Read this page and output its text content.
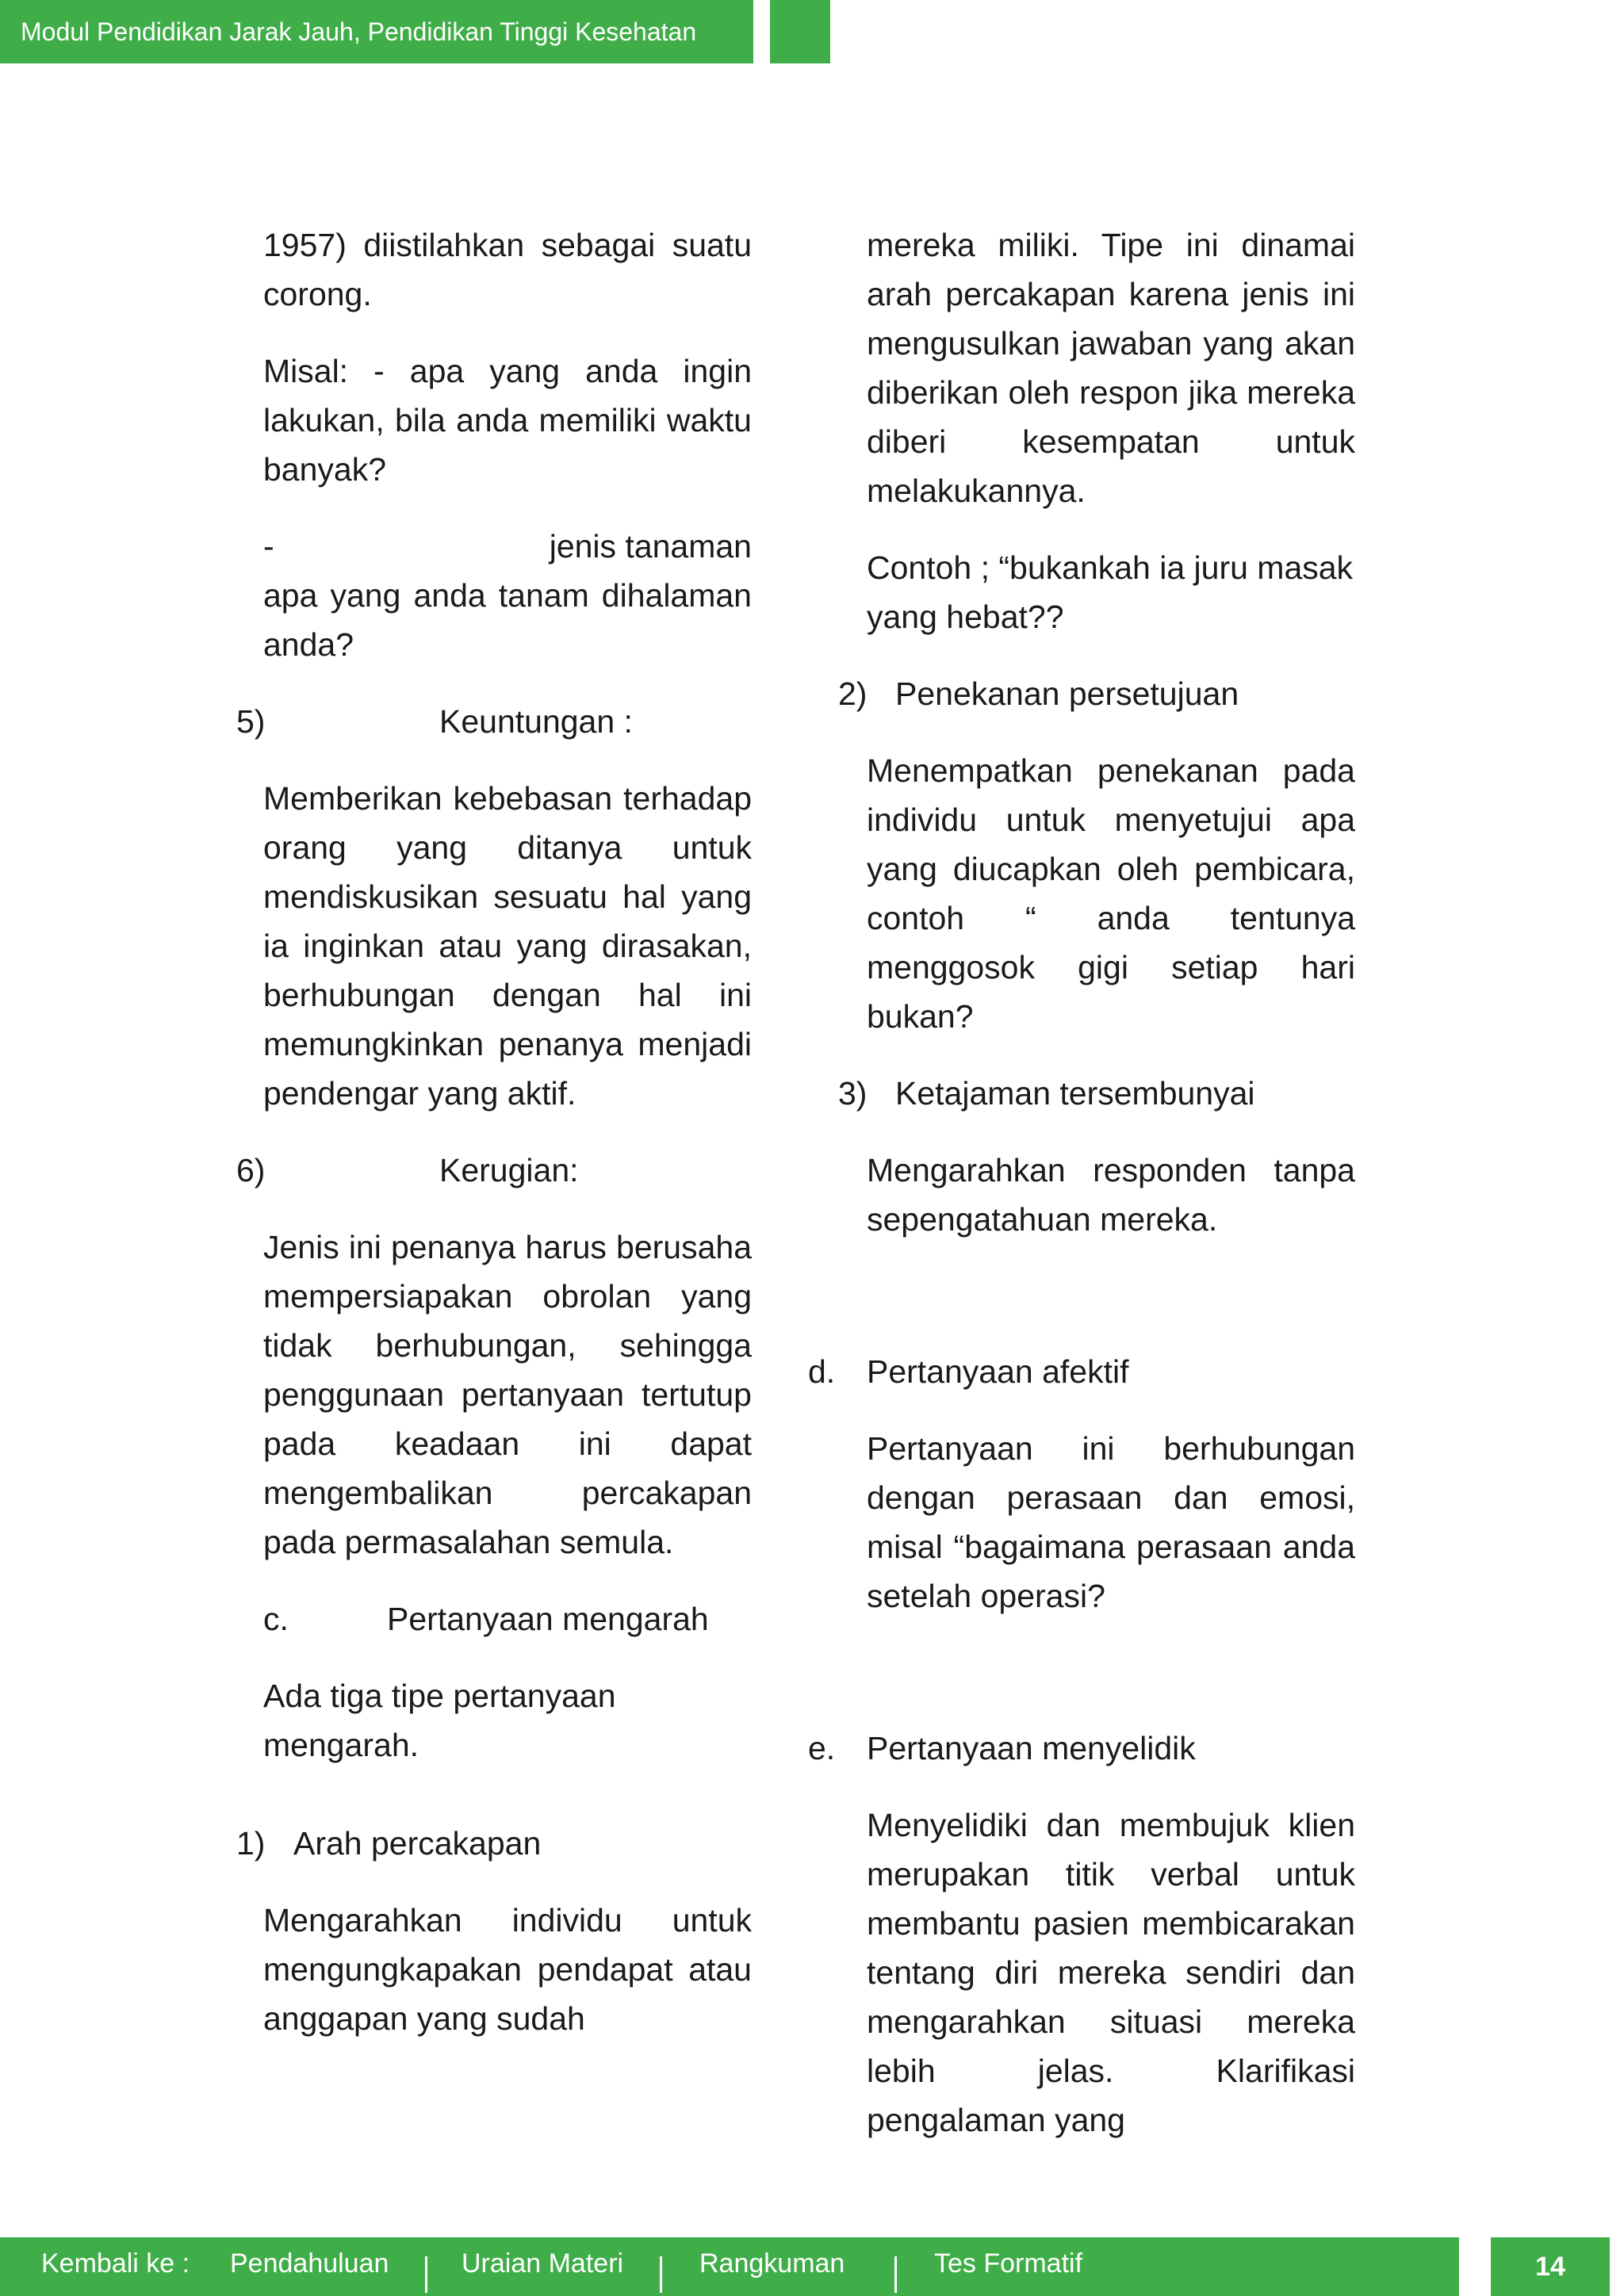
Modul Pendidikan Jarak Jauh, Pendidikan Tinggi Kesehatan

1957) diistilahkan sebagai suatu corong.

Misal: - apa yang anda ingin lakukan, bila anda memiliki waktu banyak?

-	jenis tanaman

apa yang anda tanam dihalaman anda?

5)	Keuntungan :

Memberikan kebebasan terhadap orang yang ditanya untuk mendiskusikan sesuatu hal yang ia inginkan atau yang dirasakan, berhubungan dengan hal ini memungkinkan penanya menjadi pendengar yang aktif.

6)	Kerugian:

Jenis ini penanya harus berusaha mempersiapakan obrolan yang tidak berhubungan, sehingga penggunaan pertanyaan tertutup pada keadaan ini dapat mengembalikan percakapan pada permasalahan semula.

c.	Pertanyaan mengarah

Ada tiga tipe pertanyaan
mengarah.

1) Arah percakapan

Mengarahkan individu untuk mengungkapakan pendapat atau anggapan yang sudah

mereka miliki. Tipe ini dinamai arah percakapan karena jenis ini mengusulkan jawaban yang akan diberikan oleh respon jika mereka diberi kesempatan untuk melakukannya.

Contoh ; “bukankah ia juru masak yang hebat??

2) Penekanan persetujuan

Menempatkan penekanan pada individu untuk menyetujui apa yang diucapkan oleh pembicara, contoh “ anda tentunya menggosok gigi setiap hari bukan?

3) Ketajaman tersembunyai

Mengarahkan responden tanpa sepengatahuan mereka.

d. Pertanyaan afektif

Pertanyaan ini berhubungan dengan perasaan dan emosi, misal “bagaimana perasaan anda setelah operasi?

e. Pertanyaan menyelidik

Menyelidiki dan membujuk klien merupakan titik verbal untuk membantu pasien membicarakan tentang diri mereka sendiri dan mengarahkan situasi mereka lebih jelas. Klarifikasi pengalaman yang

Kembali ke : Pendahuluan	Uraian Materi	Rangkuman	Tes Formatif	14
